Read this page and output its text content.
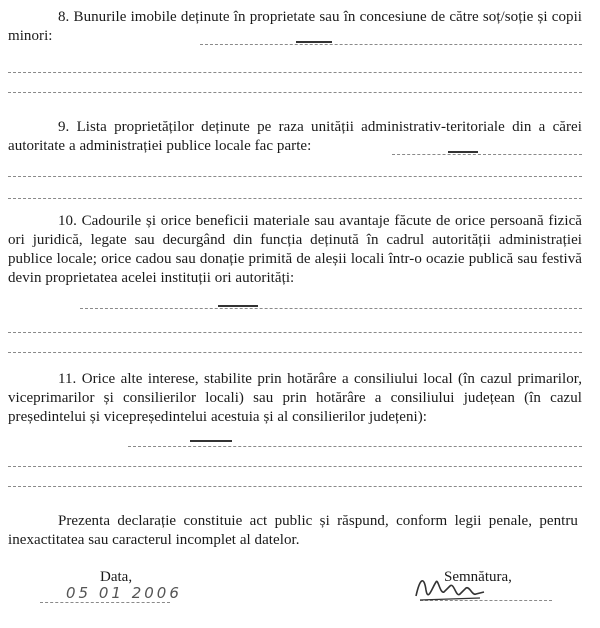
8. Bunurile imobile deținute în proprietate sau în concesiune de către soț/soție și copii minori:
9. Lista proprietăților deținute pe raza unității administrativ-teritoriale din a cărei autoritate a administrației publice locale fac parte:
10. Cadourile și orice beneficii materiale sau avantaje făcute de orice persoană fizică ori juridică, legate sau decurgând din funcția deținută în cadrul autorității administrației publice locale; orice cadou sau donație primită de aleșii locali într-o ocazie publică sau festivă devin proprietatea acelei instituții ori autorități:
11. Orice alte interese, stabilite prin hotărâre a consiliului local (în cazul primarilor, viceprimarilor și consilierilor locali) sau prin hotărâre a consiliului județean (în cazul președintelui și vicepreședintelui acestuia și al consilierilor județeni):
Prezenta declarație constituie act public și răspund, conform legii penale, pentru inexactitatea sau caracterul incomplet al datelor.
Data,
05 01 2006
Semnătura,
